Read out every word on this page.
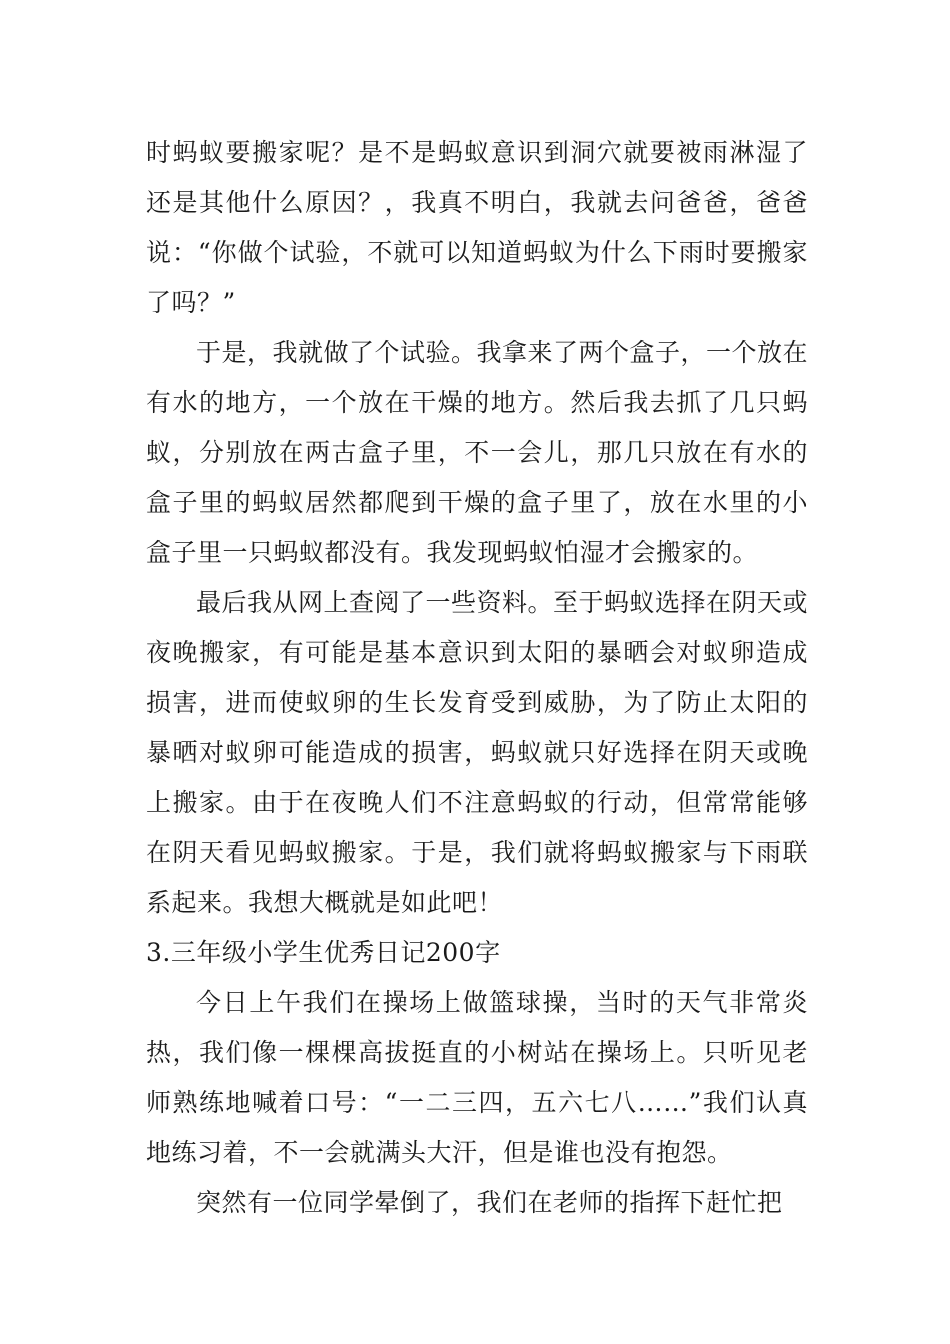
时蚂蚁要搬家呢？是不是蚂蚁意识到洞穴就要被雨淋湿了还是其他什么原因？，我真不明白，我就去问爸爸，爸爸说：“你做个试验，不就可以知道蚂蚁为什么下雨时要搬家了吗？”

于是，我就做了个试验。我拿来了两个盒子，一个放在有水的地方，一个放在干燥的地方。然后我去抓了几只蚂蚁，分别放在两古盒子里，不一会儿，那几只放在有水的盒子里的蚂蚁居然都爬到干燥的盒子里了，放在水里的小盒子里一只蚂蚁都没有。我发现蚂蚁怕湿才会搬家的。

最后我从网上查阅了一些资料。至于蚂蚁选择在阴天或夜晚搬家，有可能是基本意识到太阳的暴晒会对蚁卵造成损害，进而使蚁卵的生长发育受到威胁，为了防止太阳的暴晒对蚁卵可能造成的损害，蚂蚁就只好选择在阴天或晚上搬家。由于在夜晚人们不注意蚂蚁的行动，但常常能够在阴天看见蚂蚁搬家。于是，我们就将蚂蚁搬家与下雨联系起来。我想大概就是如此吧！

3.三年级小学生优秀日记200字

今日上午我们在操场上做篮球操，当时的天气非常炎热，我们像一棵棵高拔挺直的小树站在操场上。只听见老师熟练地喊着口号：“一二三四，五六七八……”我们认真地练习着，不一会就满头大汗，但是谁也没有抱怨。

突然有一位同学晕倒了，我们在老师的指挥下赶忙把
